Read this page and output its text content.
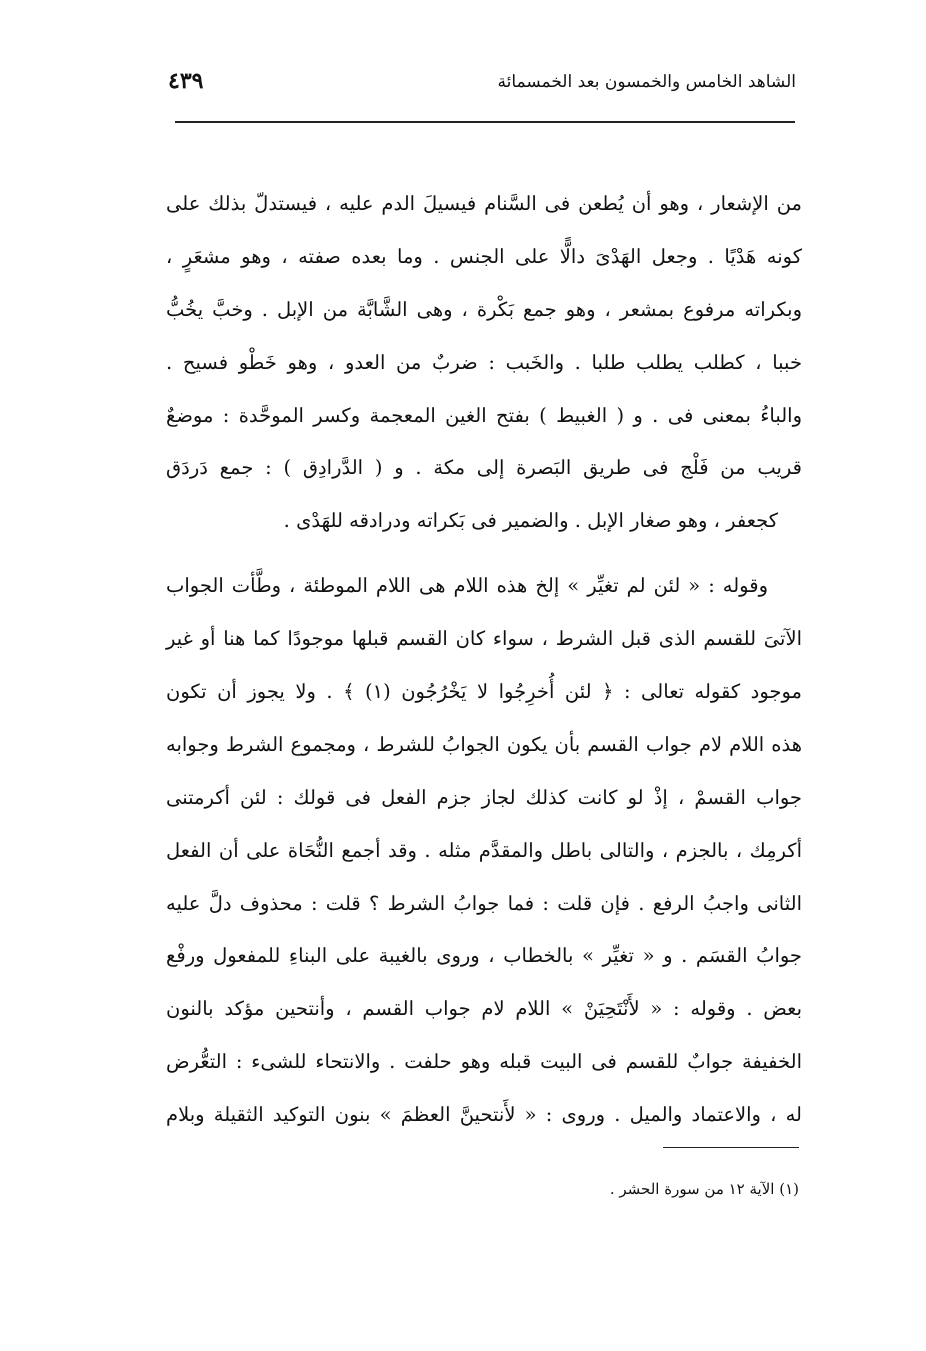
٤٣٩	الشاهد الخامس والخمسون بعد الخمسمائة
من الإشعار ، وهو أن يُطعن فى السَّنام فيسيلَ الدم عليه ، فيستدلّ بذلك على
كونه هَدْيًا . وجعل الهَدْىَ دالًّا على الجنس . وما بعده صفته ، وهو مشعَرٍ ،
وبكراته مرفوع بمشعر ، وهو جمع بَكْرة ، وهى الشَّابَّة من الإبل . وخبَّ يخُبُّ
خببا ، كطلب يطلب طلبا . والخَبب : ضربٌ من العدو ، وهو خَطْو فسيح .
والباءُ بمعنى فى . و ( الغبيط ) بفتح الغين المعجمة وكسر الموحَّدة : موضعٌ
قريب من فَلْج فى طريق البَصرة إلى مكة . و ( الدَّرادِق ) : جمع دَردَق
كجعفر ، وهو صغار الإبل . والضمير فى بَكراته ودرادقه للهَدْى .
وقوله : « لئن لم تغيِّر » إلخ هذه اللام هى اللام الموطئة ، وطَّأت الجواب
الآتىَ للقسم الذى قبل الشرط ، سواء كان القسم قبلها موجودًا كما هنا أو غير
موجود كقوله تعالى : ﴿ لئن أُخرِجُوا لا يَخْرُجُون (١) ﴾ . ولا يجوز أن تكون
هذه اللام لام جواب القسم بأن يكون الجوابُ للشرط ، ومجموع الشرط وجوابه
جواب القسمْ ، إذْ لو كانت كذلك لجاز جزم الفعل فى قولك : لئن أكرمتنى
أكرمِك ، بالجزم ، والتالى باطل والمقدَّم مثله . وقد أجمع النُّحَاة على أن الفعل
الثانى واجبُ الرفع . فإن قلت : فما جوابُ الشرط ؟ قلت : محذوف دلَّ عليه
جوابُ القسَم . و « تغيِّر » بالخطاب ، وروى بالغيبة على البناءِ للمفعول ورفْع
بعض . وقوله : « لأَنْتَحِيَنْ » اللام لام جواب القسم ، وأنتحين مؤكد بالنون
الخفيفة جوابٌ للقسم فى البيت قبله وهو حلفت . والانتحاء للشىء : التعُّرض
له ، والاعتماد والميل . وروى : « لأَنتحينَّ العظمَ » بنون التوكيد الثقيلة وبلام
(١) الآية ١٢ من سورة الحشر .
